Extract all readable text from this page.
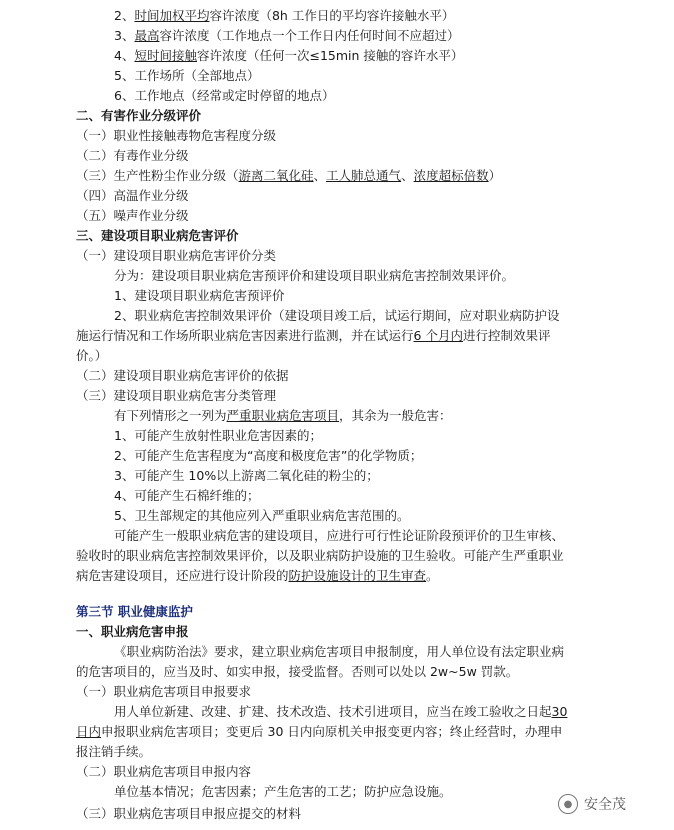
2、时间加权平均容许浓度（8h 工作日的平均容许接触水平）
3、最高容许浓度（工作地点一个工作日内任何时间不应超过）
4、短时间接触容许浓度（任何一次≤15min 接触的容许水平）
5、工作场所（全部地点）
6、工作地点（经常或定时停留的地点）
二、有害作业分级评价
（一）职业性接触毒物危害程度分级
（二）有毒作业分级
（三）生产性粉尘作业分级（游离二氧化硅、工人肺总通气、浓度超标倍数）
（四）高温作业分级
（五）噪声作业分级
三、建设项目职业病危害评价
（一）建设项目职业病危害评价分类
分为：建设项目职业病危害预评价和建设项目职业病危害控制效果评价。
1、建设项目职业病危害预评价
2、职业病危害控制效果评价（建设项目竣工后，试运行期间，应对职业病防护设
施运行情况和工作场所职业病危害因素进行监测，并在试运行6 个月内进行控制效果评
价。）
（二）建设项目职业病危害评价的依据
（三）建设项目职业病危害分类管理
有下列情形之一列为严重职业病危害项目，其余为一般危害：
1、可能产生放射性职业危害因素的；
2、可能产生危害程度为“高度和极度危害”的化学物质；
3、可能产生 10%以上游离二氧化硅的粉尘的；
4、可能产生石棉纤维的；
5、卫生部规定的其他应列入严重职业病危害范围的。
可能产生一般职业病危害的建设项目，应进行可行性论证阶段预评价的卫生审核、
验收时的职业病危害控制效果评价，以及职业病防护设施的卫生验收。可能产生严重职业
病危害建设项目，还应进行设计阶段的防护设施设计的卫生审查。
第三节 职业健康监护
一、职业病危害申报
《职业病防治法》要求，建立职业病危害项目申报制度，用人单位设有法定职业病
的危害项目的，应当及时、如实申报，接受监督。否则可以处以 2w~5w 罚款。
（一）职业病危害项目申报要求
用人单位新建、改建、扩建、技术改造、技术引进项目，应当在竣工验收之日起30
日内申报职业病危害项目；变更后 30 日内向原机关申报变更内容；终止经营时，办理申
报注销手续。
（二）职业病危害项目申报内容
单位基本情况；危害因素；产生危害的工艺；防护应急设施。
（三）职业病危害项目申报应提交的材料
● 安全茂
